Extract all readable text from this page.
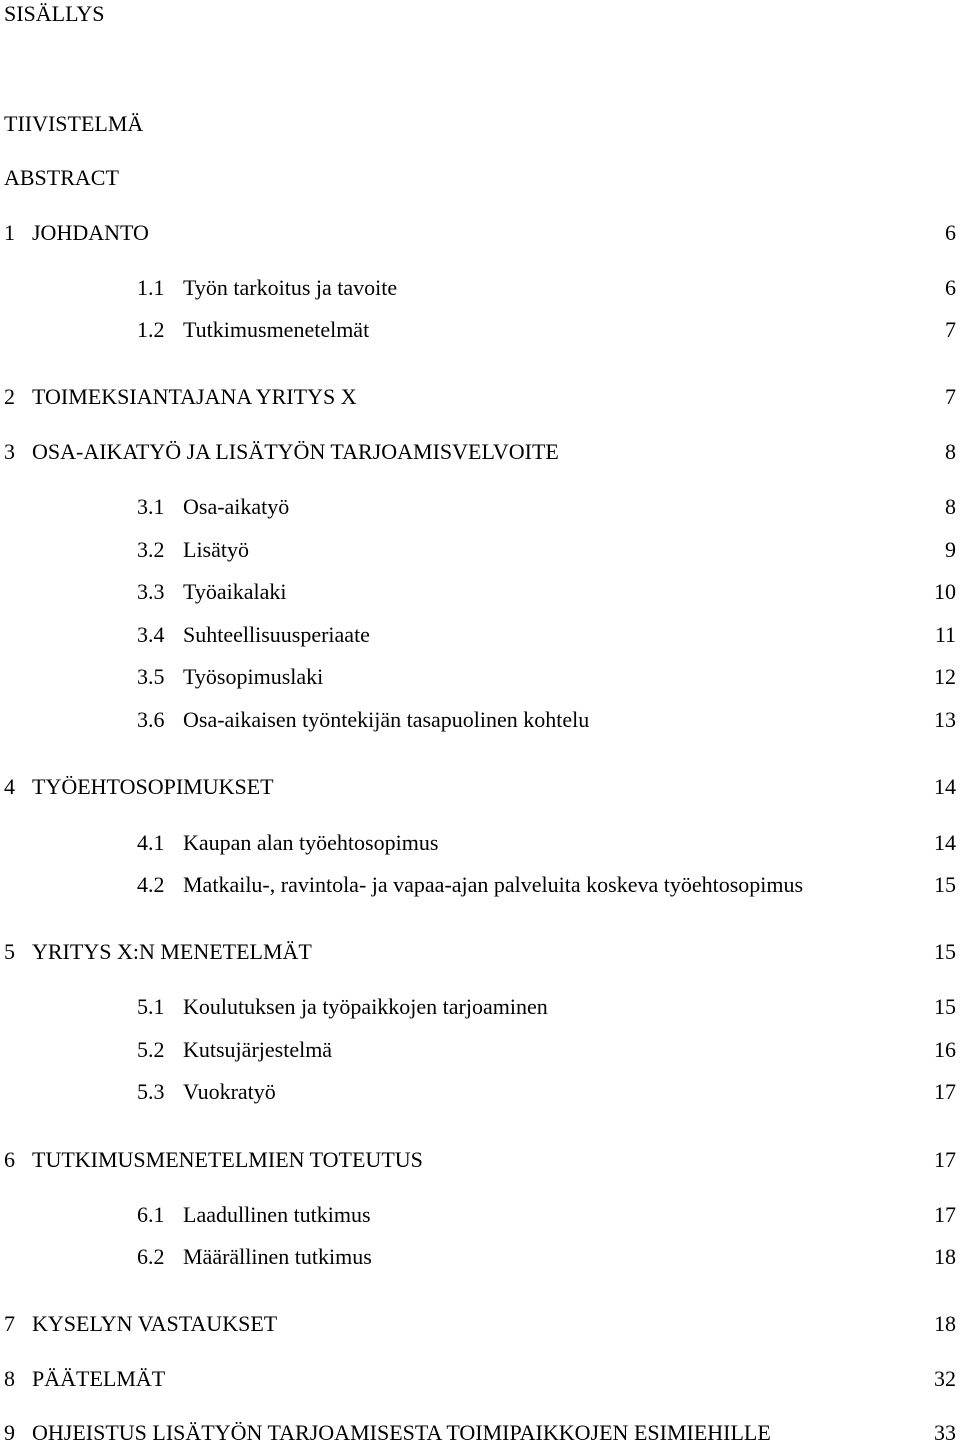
SISÄLLYS
TIIVISTELMÄ
ABSTRACT
1 JOHDANTO	6
1.1 Työn tarkoitus ja tavoite	6
1.2 Tutkimusmenetelmät	7
2 TOIMEKSIANTAJANA YRITYS X	7
3 OSA-AIKATYÖ JA LISÄTYÖN TARJOAMISVELVOITE	8
3.1 Osa-aikatyö	8
3.2 Lisätyö	9
3.3 Työaikalaki	10
3.4 Suhteellisuusperiaate	11
3.5 Työsopimuslaki	12
3.6 Osa-aikaisen työntekijän tasapuolinen kohtelu	13
4 TYÖEHTOSOPIMUKSET	14
4.1 Kaupan alan työehtosopimus	14
4.2 Matkailu-, ravintola- ja vapaa-ajan palveluita koskeva työehtosopimus	15
5 YRITYS X:N MENETELMÄT	15
5.1 Koulutuksen ja työpaikkojen tarjoaminen	15
5.2 Kutsujärjestelmä	16
5.3 Vuokratyö	17
6 TUTKIMUSMENETELMIEN TOTEUTUS	17
6.1 Laadullinen tutkimus	17
6.2 Määrällinen tutkimus	18
7 KYSELYN VASTAUKSET	18
8 PÄÄTELMÄT	32
9 OHJEISTUS LISÄTYÖN TARJOAMISESTA TOIMIPAIKKOJEN ESIMIEHILLE	33
